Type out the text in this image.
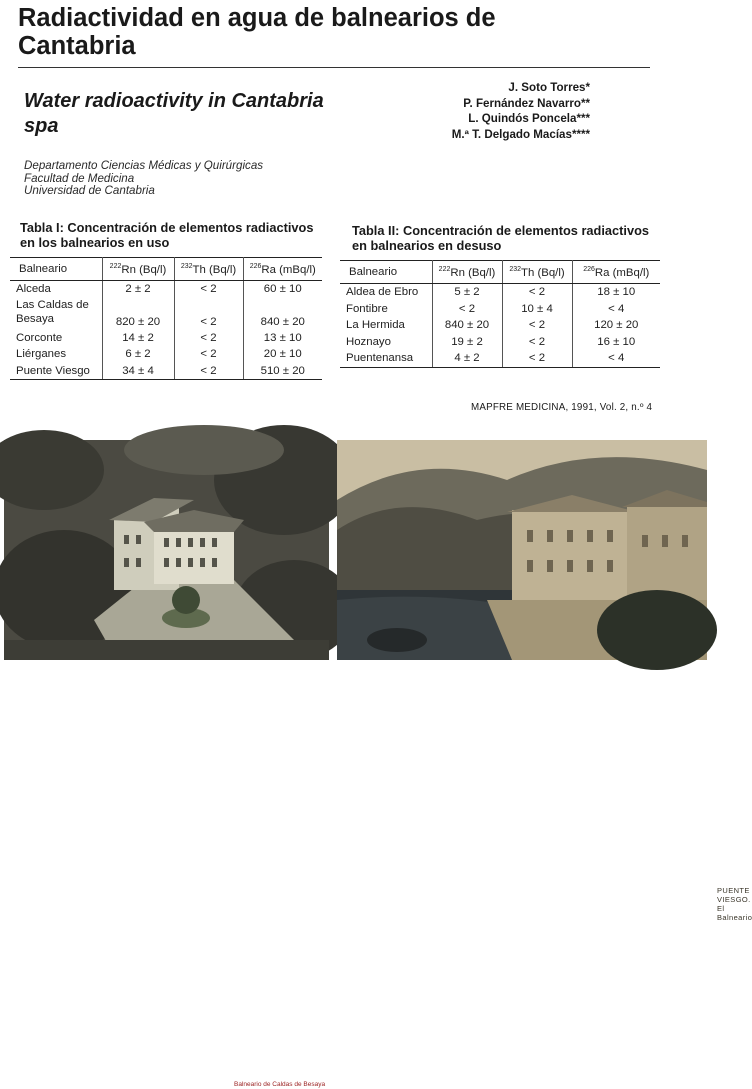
Radiactividad en agua de balnearios de Cantabria
Water radioactivity in Cantabria spa
J. Soto Torres*
P. Fernández Navarro**
L. Quindós Poncela***
M.ª T. Delgado Macías****
Departamento Ciencias Médicas y Quirúrgicas
Facultad de Medicina
Universidad de Cantabria

Tabla I: Concentración de elementos radiactivos en los balnearios en uso

Balneario	$^{222}$Rn (Bq/l)	$^{232}$Th (Bq/l)	$^{226}$Ra (mBq/l)
Alceda	2 ± 2	< 2	60 ± 10
Las Caldas de Besaya	820 ± 20	< 2	840 ± 20
Corconte	14 ± 2	< 2	13 ± 10
Liérganes	6 ± 2	< 2	20 ± 10
Puente Viesgo	34 ± 4	< 2	510 ± 20

Tabla II: Concentración de elementos radiactivos en balnearios en desuso

Balneario	$^{222}$Rn (Bq/l)	$^{232}$Th (Bq/l)	$^{226}$Ra (mBq/l)
Aldea de Ebro	5 ± 2	< 2	18 ± 10
Fontibre	< 2	10 ± 4	< 4
La Hermida	840 ± 20	< 2	120 ± 20
Hoznayo	19 ± 2	< 2	16 ± 10
Puentenansa	4 ± 2	< 2	< 4
MAPFRE MEDICINA, 1991, Vol. 2, n.º 4
Balneario de Caldas de Besaya
PUENTE VIESGO. El Balneario
